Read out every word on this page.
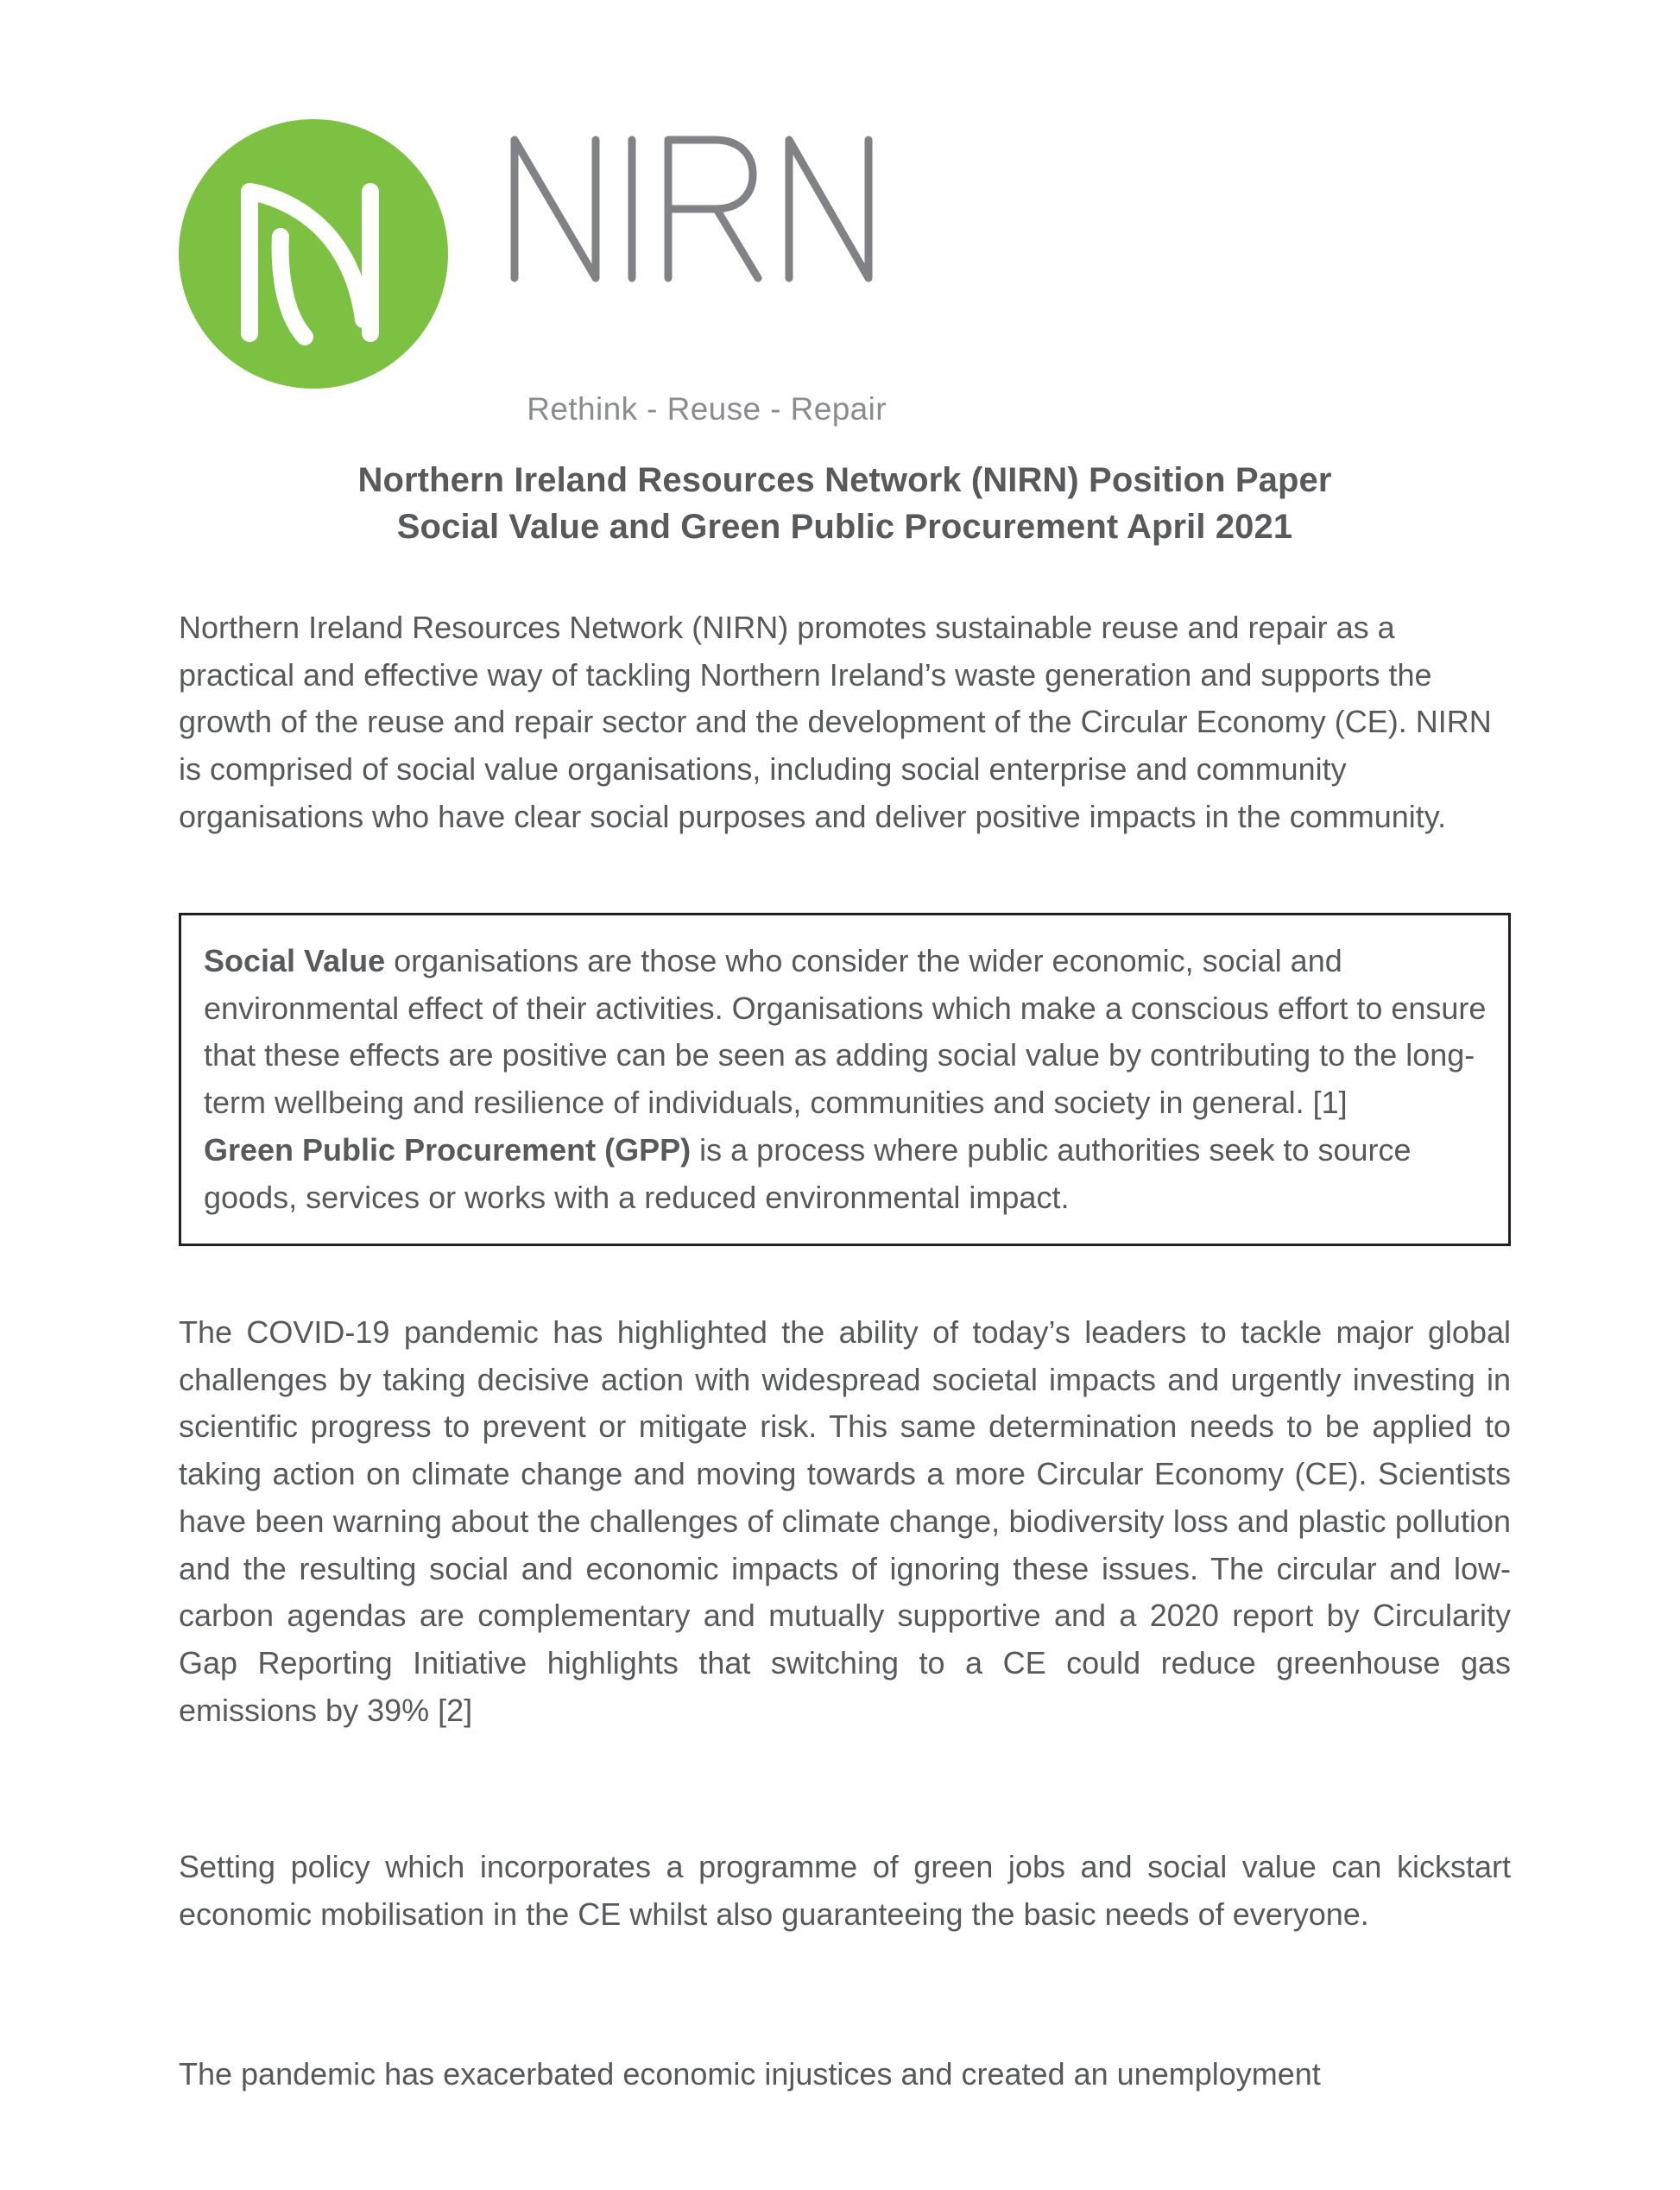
Rethink - Reuse - Repair
Northern Ireland Resources Network (NIRN) Position Paper
Social Value and Green Public Procurement April 2021

Northern Ireland Resources Network (NIRN) promotes sustainable reuse and repair as a practical and effective way of tackling Northern Ireland’s waste generation and supports the growth of the reuse and repair sector and the development of the Circular Economy (CE). NIRN is comprised of social value organisations, including social enterprise and community organisations who have clear social purposes and deliver positive impacts in the community.

Social Value organisations are those who consider the wider economic, social and environmental effect of their activities. Organisations which make a conscious effort to ensure that these effects are positive can be seen as adding social value by contributing to the long-term wellbeing and resilience of individuals, communities and society in general. [1]

Green Public Procurement (GPP) is a process where public authorities seek to source goods, services or works with a reduced environmental impact.

The COVID-19 pandemic has highlighted the ability of today’s leaders to tackle major global challenges by taking decisive action with widespread societal impacts and urgently investing in scientific progress to prevent or mitigate risk. This same determination needs to be applied to taking action on climate change and moving towards a more Circular Economy (CE). Scientists have been warning about the challenges of climate change, biodiversity loss and plastic pollution and the resulting social and economic impacts of ignoring these issues. The circular and low-carbon agendas are complementary and mutually supportive and a 2020 report by Circularity Gap Reporting Initiative highlights that switching to a CE could reduce greenhouse gas emissions by 39% [2]

Setting policy which incorporates a programme of green jobs and social value can kickstart economic mobilisation in the CE whilst also guaranteeing the basic needs of everyone.

The pandemic has exacerbated economic injustices and created an unemployment
